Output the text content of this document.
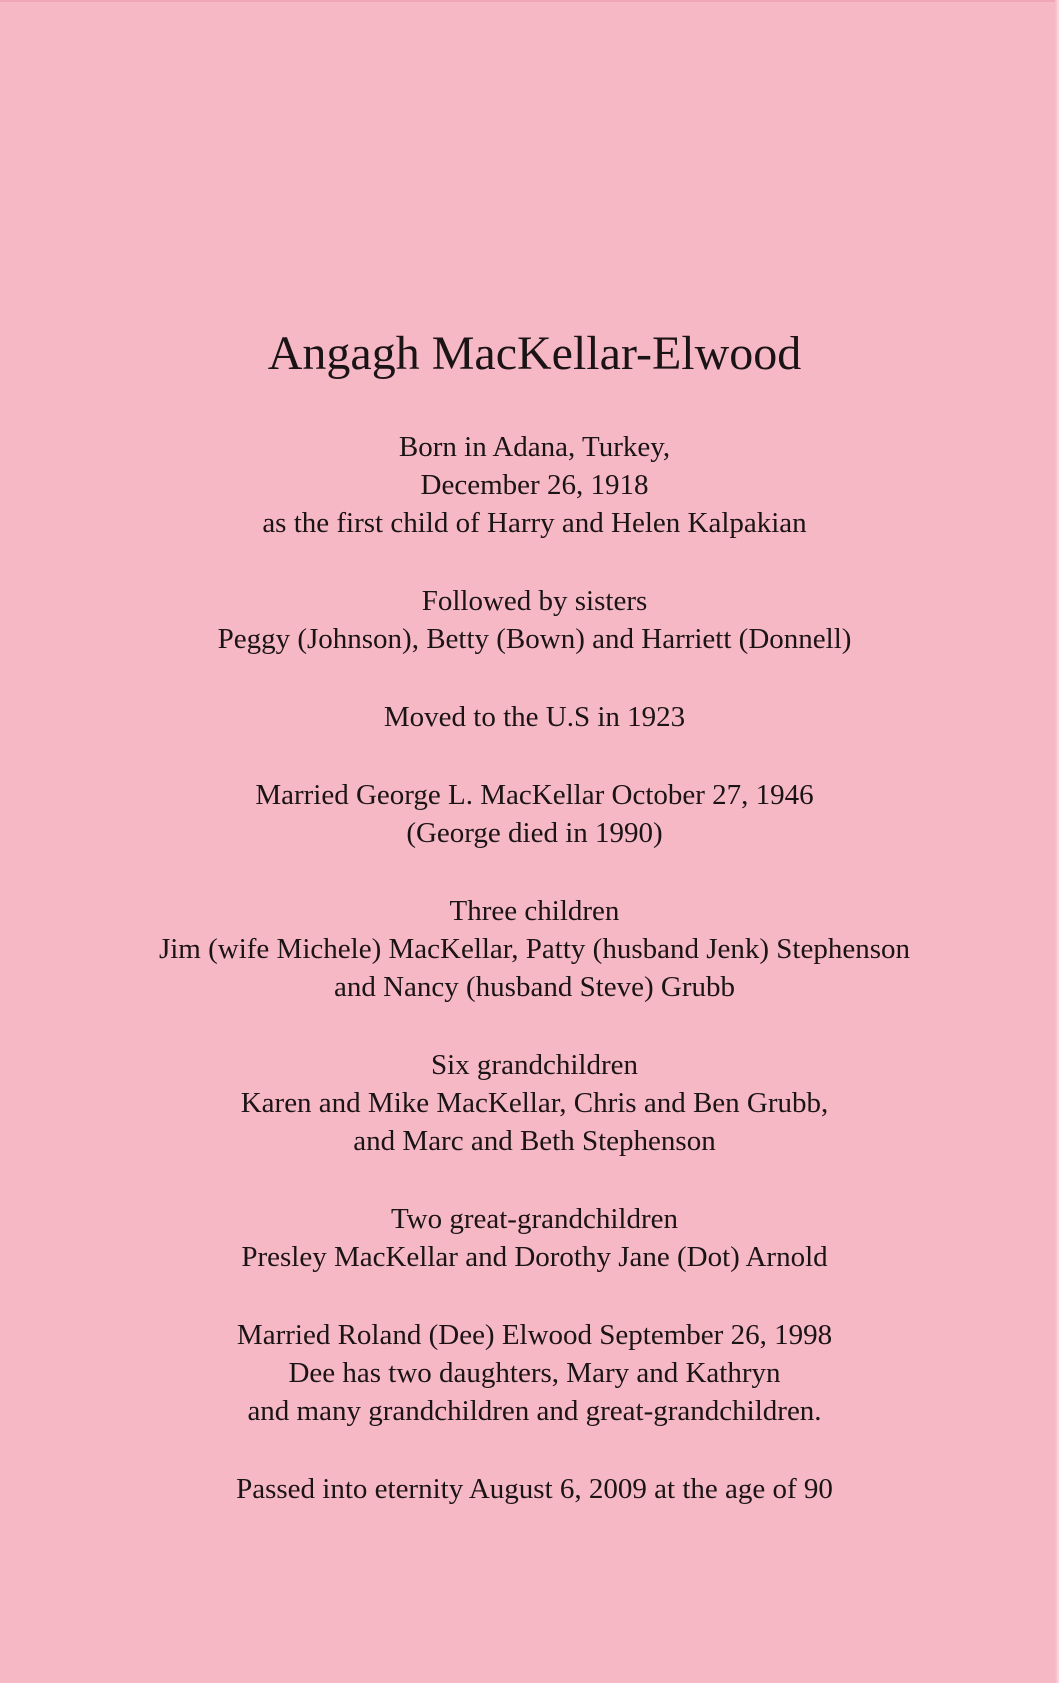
Angagh MacKellar-Elwood

Born in Adana, Turkey,

December 26, 1918

as the first child of Harry and Helen Kalpakian

Followed by sisters

Peggy (Johnson), Betty (Bown) and Harriett (Donnell)

Moved to the U.S in 1923

Married George L. MacKellar October 27, 1946

(George died in 1990)

Three children

Jim (wife Michele) MacKellar, Patty (husband Jenk) Stephenson

and Nancy (husband Steve) Grubb

Six grandchildren

Karen and Mike MacKellar, Chris and Ben Grubb,

and Marc and Beth Stephenson

Two great-grandchildren

Presley MacKellar and Dorothy Jane (Dot) Arnold

Married Roland (Dee) Elwood September 26, 1998

Dee has two daughters, Mary and Kathryn

and many grandchildren and great-grandchildren.

Passed into eternity August 6, 2009 at the age of 90
